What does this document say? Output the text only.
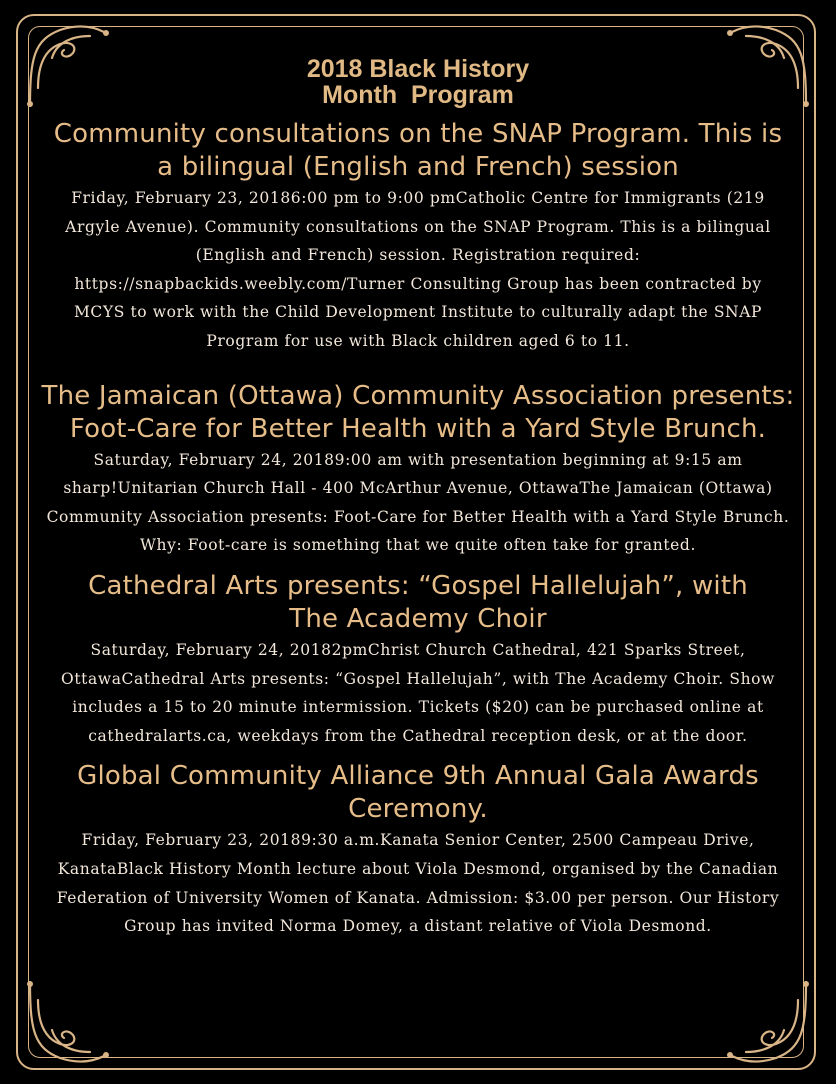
2018 Black History
Month  Program

Community consultations on the SNAP Program. This is a bilingual (English and French) session

Friday, February 23, 20186:00 pm to 9:00 pmCatholic Centre for Immigrants (219 Argyle Avenue). Community consultations on the SNAP Program. This is a bilingual (English and French) session. Registration required: https://snapbackids.weebly.com/Turner Consulting Group has been contracted by MCYS to work with the Child Development Institute to culturally adapt the SNAP Program for use with Black children aged 6 to 11.

The Jamaican (Ottawa) Community Association presents: Foot-Care for Better Health with a Yard Style Brunch.

Saturday, February 24, 20189:00 am with presentation beginning at 9:15 am sharp!Unitarian Church Hall - 400 McArthur Avenue, OttawaThe Jamaican (Ottawa) Community Association presents: Foot-Care for Better Health with a Yard Style Brunch. Why: Foot-care is something that we quite often take for granted.

Cathedral Arts presents: “Gospel Hallelujah”, with The Academy Choir

Saturday, February 24, 20182pmChrist Church Cathedral, 421 Sparks Street, OttawaCathedral Arts presents: “Gospel Hallelujah”, with The Academy Choir. Show includes a 15 to 20 minute intermission. Tickets ($20) can be purchased online at cathedralarts.ca, weekdays from the Cathedral reception desk, or at the door.

Global Community Alliance 9th Annual Gala Awards Ceremony.

Friday, February 23, 20189:30 a.m.Kanata Senior Center, 2500 Campeau Drive, KanataBlack History Month lecture about Viola Desmond, organised by the Canadian Federation of University Women of Kanata. Admission: $3.00 per person. Our History Group has invited Norma Domey, a distant relative of Viola Desmond.
